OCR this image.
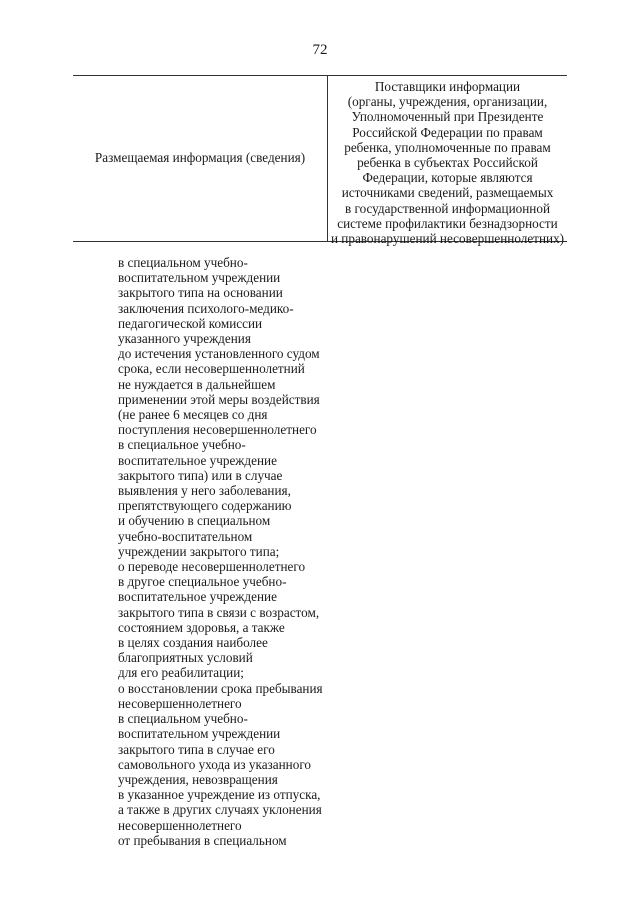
72
Размещаемая информация (сведения)
Поставщики информации
(органы, учреждения, организации,
Уполномоченный при Президенте
Российской Федерации по правам
ребенка, уполномоченные по правам
ребенка в субъектах Российской
Федерации, которые являются
источниками сведений, размещаемых
в государственной информационной
системе профилактики безнадзорности
и правонарушений несовершеннолетних)
в специальном учебно-
воспитательном учреждении
закрытого типа на основании
заключения психолого-медико-
педагогической комиссии
указанного учреждения
до истечения установленного судом
срока, если несовершеннолетний
не нуждается в дальнейшем
применении этой меры воздействия
(не ранее 6 месяцев со дня
поступления несовершеннолетнего
в специальное учебно-
воспитательное учреждение
закрытого типа) или в случае
выявления у него заболевания,
препятствующего содержанию
и обучению в специальном
учебно-воспитательном
учреждении закрытого типа;
о переводе несовершеннолетнего
в другое специальное учебно-
воспитательное учреждение
закрытого типа в связи с возрастом,
состоянием здоровья, а также
в целях создания наиболее
благоприятных условий
для его реабилитации;
о восстановлении срока пребывания
несовершеннолетнего
в специальном учебно-
воспитательном учреждении
закрытого типа в случае его
самовольного ухода из указанного
учреждения, невозвращения
в указанное учреждение из отпуска,
а также в других случаях уклонения
несовершеннолетнего
от пребывания в специальном
